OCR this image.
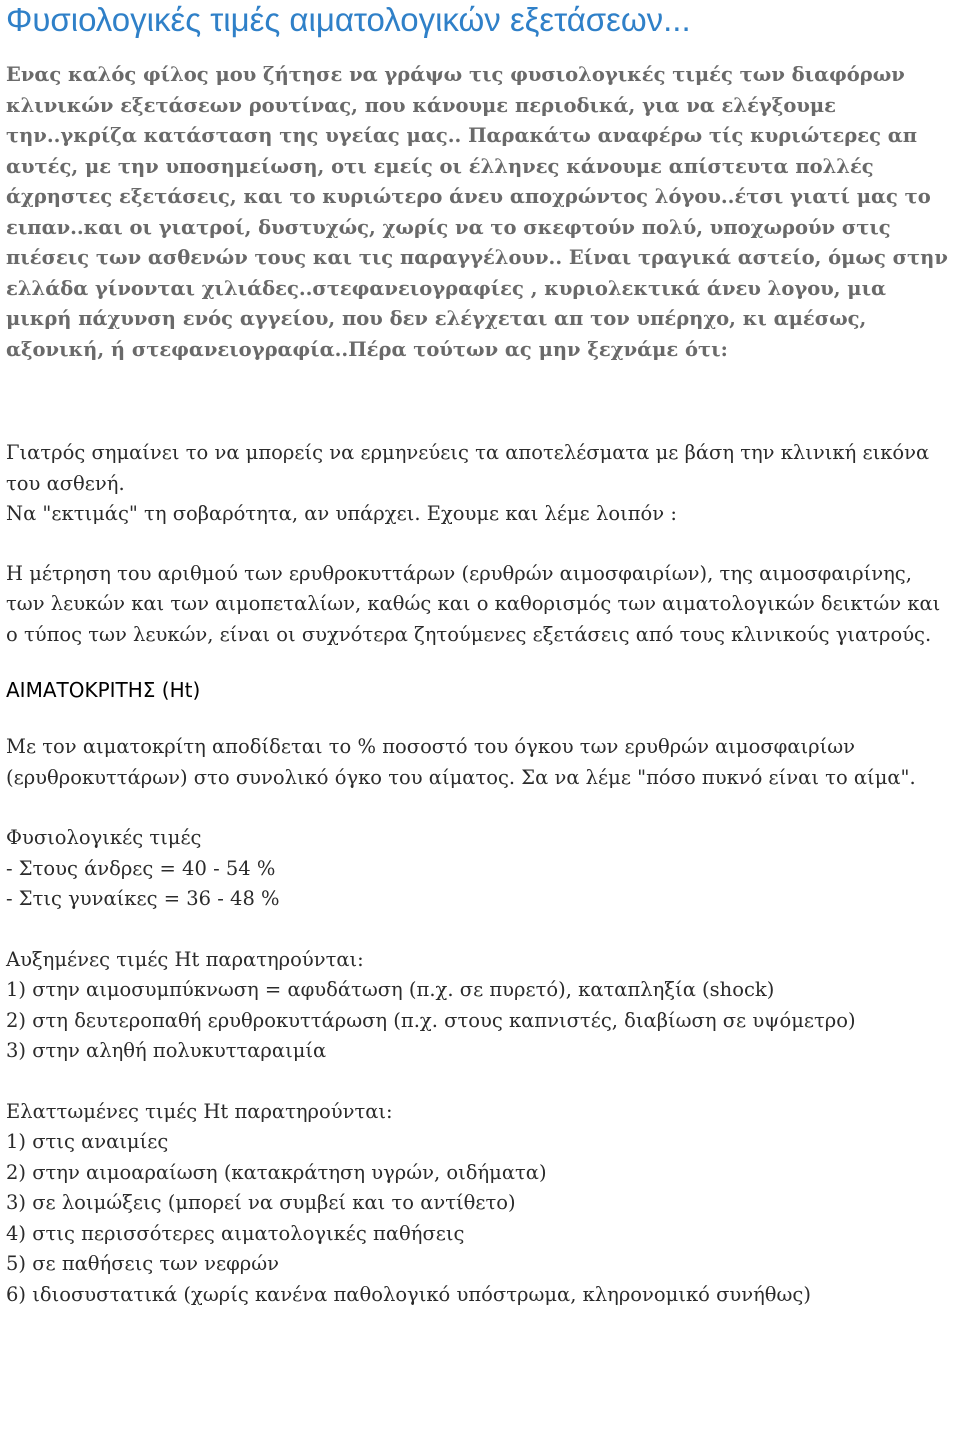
Φυσιολογικές τιμές αιματολογικών εξετάσεων...

Ενας καλός φίλος μου ζήτησε να γράψω τις φυσιολογικές τιμές των διαφόρων κλινικών εξετάσεων ρουτίνας, που κάνουμε περιοδικά, για να ελέγξουμε την..γκρίζα κατάσταση της υγείας μας.. Παρακάτω αναφέρω τίς κυριώτερες απ αυτές, με την υποσημείωση, οτι εμείς οι έλληνες κάνουμε απίστευτα πολλές άχρηστες εξετάσεις, και το κυριώτερο άνευ αποχρώντος λόγου..έτσι γιατί μας το ειπαν..και οι γιατροί, δυστυχώς, χωρίς να το σκεφτούν πολύ, υποχωρούν στις πιέσεις των ασθενών τους και τις παραγγέλουν.. Είναι τραγικά αστείο, όμως στην ελλάδα γίνονται χιλιάδες..στεφανειογραφίες , κυριολεκτικά άνευ λογου, μια μικρή πάχυνση ενός αγγείου, που δεν ελέγχεται απ τον υπέρηχο, κι αμέσως, αξονική, ή στεφανειογραφία..Πέρα τούτων ας μην ξεχνάμε ότι:

Γιατρός σημαίνει το να μπορείς να ερμηνεύεις τα αποτελέσματα με βάση την κλινική εικόνα του ασθενή.
Να "εκτιμάς" τη σοβαρότητα, αν υπάρχει. Εχουμε και λέμε λοιπόν :
Η μέτρηση του αριθμού των ερυθροκυττάρων (ερυθρών αιμοσφαιρίων), της αιμοσφαιρίνης, των λευκών και των αιμοπεταλίων, καθώς και ο καθορισμός των αιματολογικών δεικτών και ο τύπος των λευκών, είναι οι συχνότερα ζητούμενες εξετάσεις από τους κλινικούς γιατρούς.
ΑΙΜΑΤΟΚΡΙΤΗΣ (Ht)
Με τον αιματοκρίτη αποδίδεται το % ποσοστό του όγκου των ερυθρών αιμοσφαιρίων (ερυθροκυττάρων) στο συνολικό όγκο του αίματος. Σα να λέμε "πόσο πυκνό είναι το αίμα".
Φυσιολογικές τιμές
- Στους άνδρες = 40 - 54 %
- Στις γυναίκες = 36 - 48 %
Αυξημένες τιμές Ht παρατηρούνται:
1) στην αιμοσυμπύκνωση = αφυδάτωση (π.χ. σε πυρετό), καταπληξία (shock)
2) στη δευτεροπαθή ερυθροκυττάρωση (π.χ. στους καπνιστές, διαβίωση σε υψόμετρο)
3) στην αληθή πολυκυτταραιμία
Ελαττωμένες τιμές Ht παρατηρούνται:
1) στις αναιμίες
2) στην αιμοαραίωση (κατακράτηση υγρών, οιδήματα)
3) σε λοιμώξεις (μπορεί να συμβεί και το αντίθετο)
4) στις περισσότερες αιματολογικές παθήσεις
5) σε παθήσεις των νεφρών
6) ιδιοσυστατικά (χωρίς κανένα παθολογικό υπόστρωμα, κληρονομικό συνήθως)
